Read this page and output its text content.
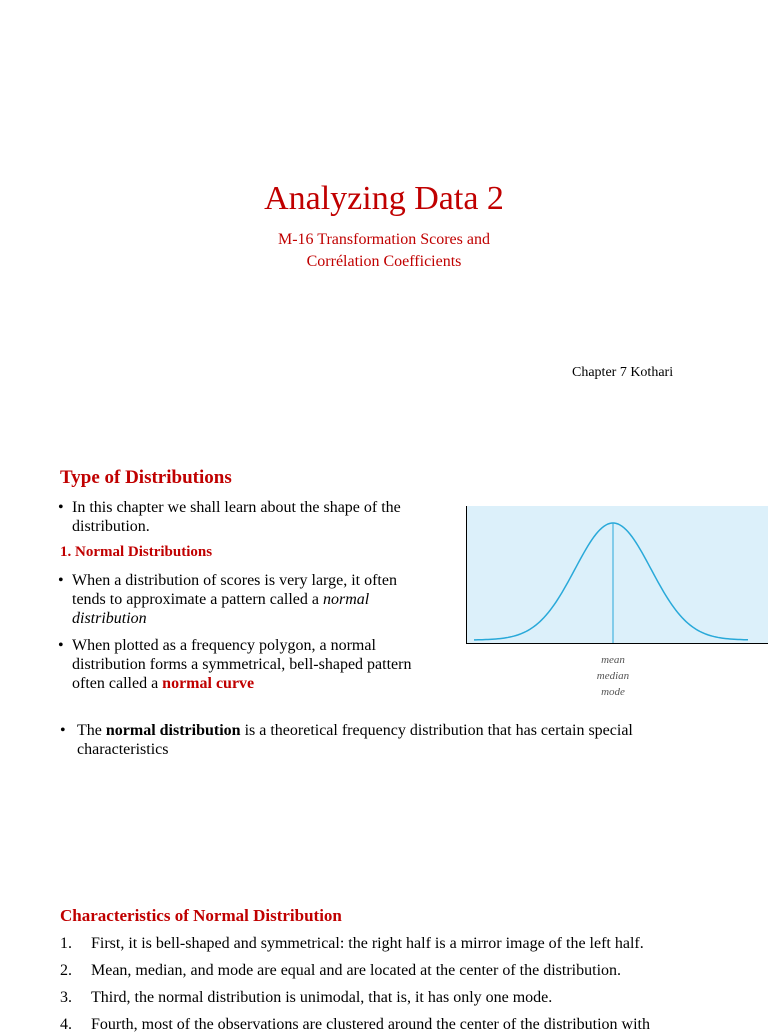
Analyzing Data 2
M-16 Transformation Scores and
Corrélation Coefficients
Chapter 7 Kothari
Type of Distributions
• In this chapter we shall learn about the shape of the distribution.
1. Normal Distributions
• When a distribution of scores is very large, it often tends to approximate a pattern called a normal distribution
• When plotted as a frequency polygon, a normal distribution forms a symmetrical, bell-shaped pattern often called a normal curve
mean
median
mode
• The normal distribution is a theoretical frequency distribution that has certain special characteristics
Characteristics of Normal Distribution
1. First, it is bell-shaped and symmetrical: the right half is a mirror image of the left half.
2. Mean, median, and mode are equal and are located at the center of the distribution.
3. Third, the normal distribution is unimodal, that is, it has only one mode.
4. Fourth, most of the observations are clustered around the center of the distribution with
